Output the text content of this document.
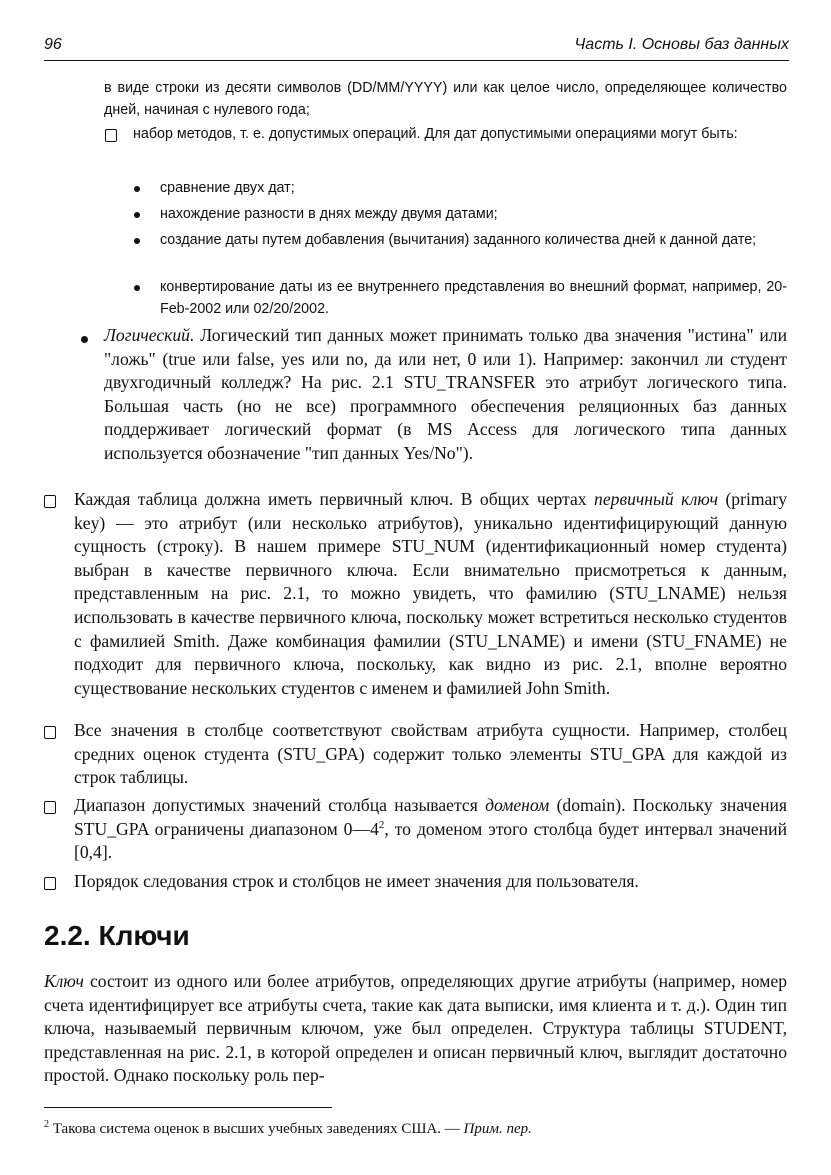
96	Часть I. Основы баз данных

в виде строки из десяти символов (DD/MM/YYYY) или как целое число, определяющее количество дней, начиная с нулевого года;

набор методов, т. е. допустимых операций. Для дат допустимыми операциями могут быть:

сравнение двух дат;

нахождение разности в днях между двумя датами;

создание даты путем добавления (вычитания) заданного количества дней к данной дате;

конвертирование даты из ее внутреннего представления во внешний формат, например, 20-Feb-2002 или 02/20/2002.

Логический. Логический тип данных может принимать только два значения "истина" или "ложь" (true или false, yes или no, да или нет, 0 или 1). Например: закончил ли студент двухгодичный колледж? На рис. 2.1 STU_TRANSFER это атрибут логического типа. Большая часть (но не все) программного обеспечения реляционных баз данных поддерживает логический формат (в MS Access для логического типа данных используется обозначение "тип данных Yes/No").

Каждая таблица должна иметь первичный ключ. В общих чертах первичный ключ (primary key) — это атрибут (или несколько атрибутов), уникально идентифицирующий данную сущность (строку). В нашем примере STU_NUM (идентификационный номер студента) выбран в качестве первичного ключа. Если внимательно присмотреться к данным, представленным на рис. 2.1, то можно увидеть, что фамилию (STU_LNAME) нельзя использовать в качестве первичного ключа, поскольку может встретиться несколько студентов с фамилией Smith. Даже комбинация фамилии (STU_LNAME) и имени (STU_FNAME) не подходит для первичного ключа, поскольку, как видно из рис. 2.1, вполне вероятно существование нескольких студентов с имeнем и фамилией John Smith.

Все значения в столбце соответствуют свойствам атрибута сущности. Например, столбец средних оценок студента (STU_GPA) содержит только элементы STU_GPA для каждой из строк таблицы.

Диапазон допустимых значений столбца называется доменом (domain). Поскольку значения STU_GPA ограничены диапазоном $0—4^2$, то доменом этого столбца будет интервал значений [0,4].

Порядок следования строк и столбцов не имеет значения для пользователя.

2.2. Ключи

Ключ состоит из одного или более атрибутов, определяющих другие атрибуты (например, номер счета идентифицирует все атрибуты счета, такие как дата выписки, имя клиента и т. д.). Один тип ключа, называемый первичным ключом, уже был определен. Структура таблицы STUDENT, представленная на рис. 2.1, в которой определен и описан первичный ключ, выглядит достаточно простой. Однако поскольку роль пер-

$^2$ Такова система оценок в высших учебных заведениях США. — Прим. пер.
